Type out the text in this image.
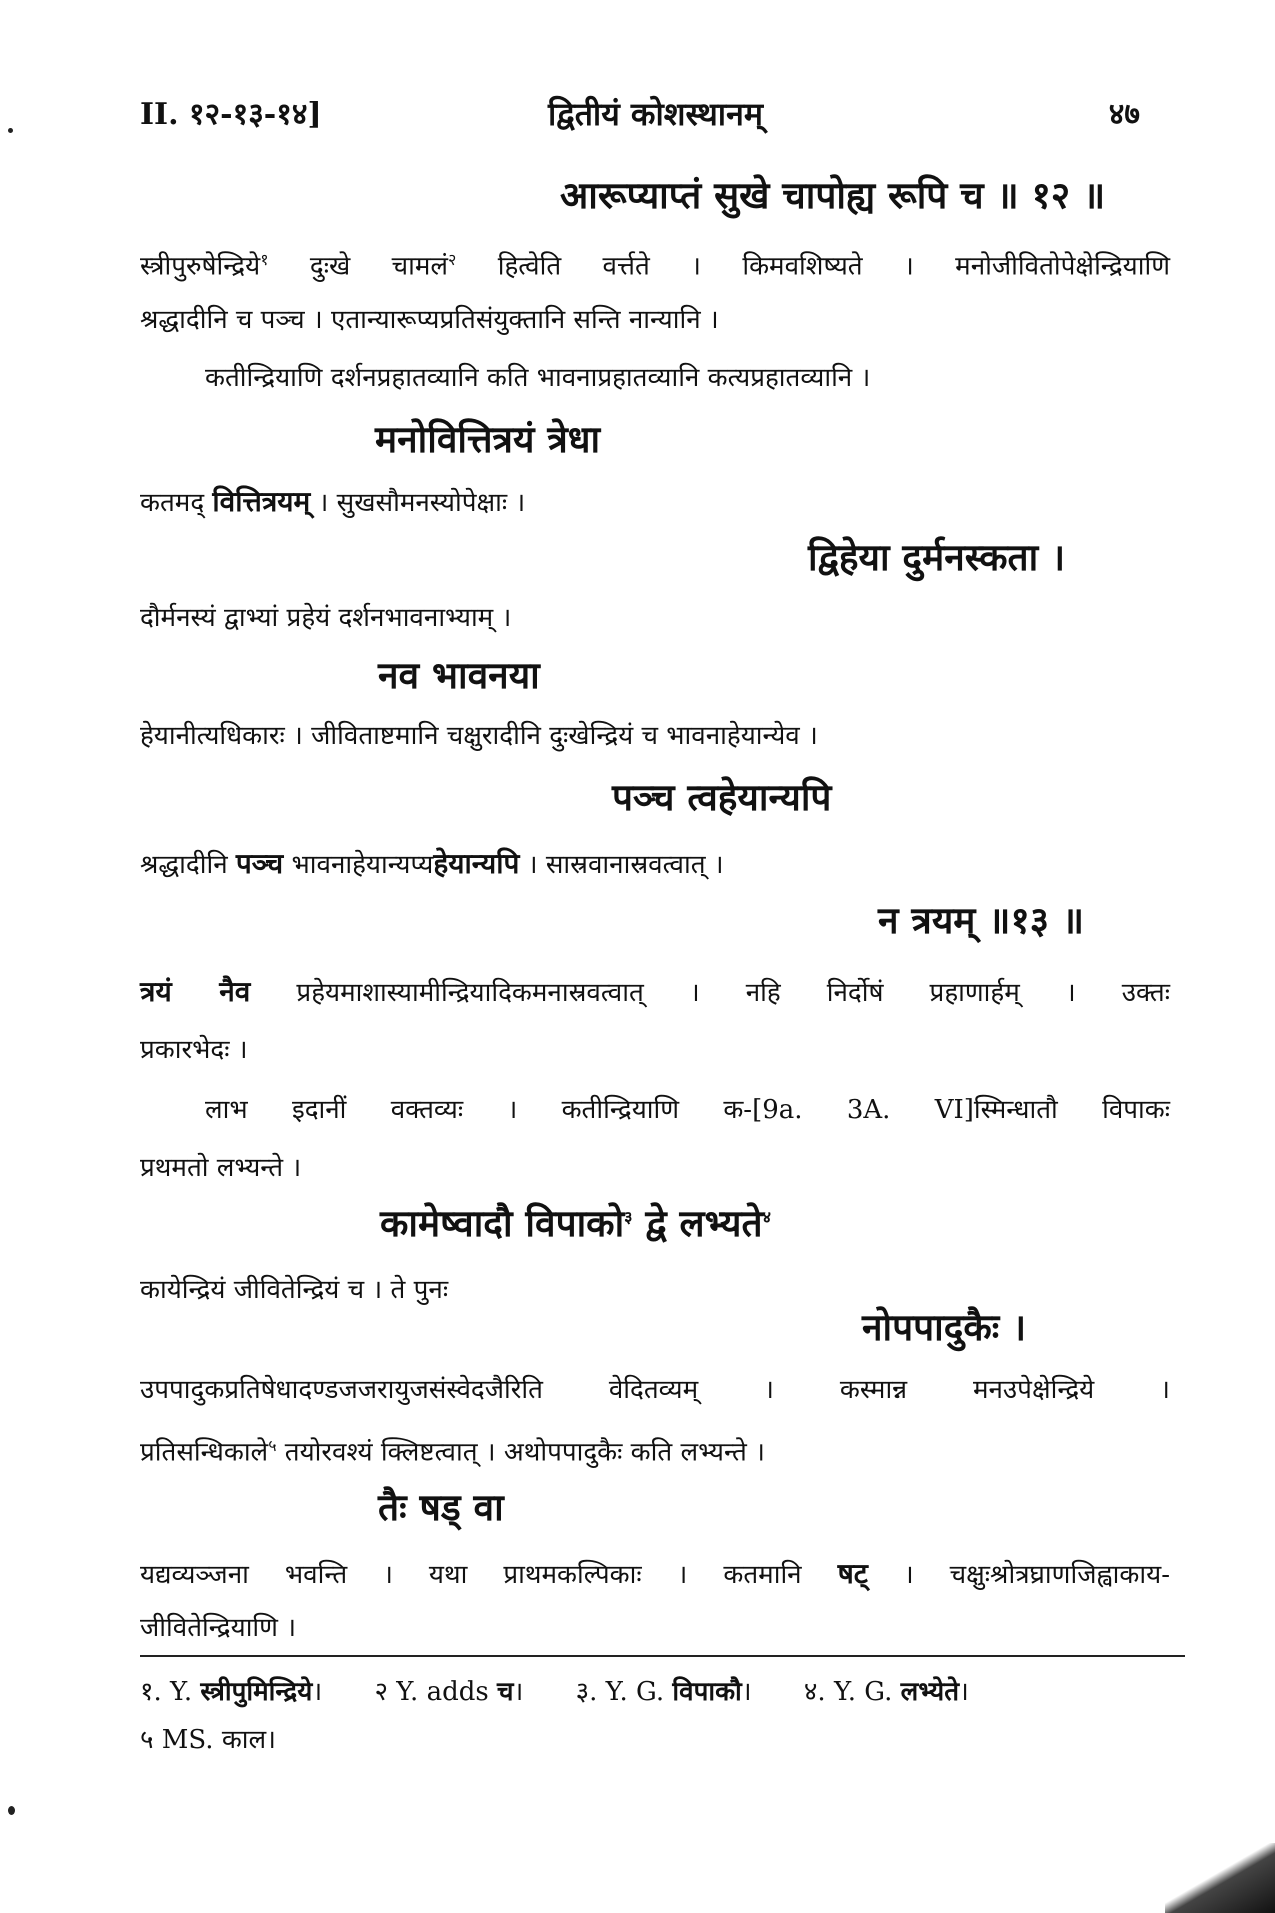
II. १२-१३-१४]	द्वितीयं कोशस्थानम्	४७
आरूप्याप्तं सुखे चापोह्य रूपि च ॥ १२ ॥
स्त्रीपुरुषेन्द्रिये$^१$ दुःखे चामलं$^२$ हित्वेति वर्त्तते । किमवशिष्यते । मनोजीवितोपेक्षेन्द्रियाणि
श्रद्धादीनि च पञ्च । एतान्यारूप्यप्रतिसंयुक्तानि सन्ति नान्यानि ।
कतीन्द्रियाणि दर्शनप्रहातव्यानि कति भावनाप्रहातव्यानि कत्यप्रहातव्यानि ।
मनोवित्तित्रयं त्रेधा
कतमद् वित्तित्रयम् । सुखसौमनस्योपेक्षाः ।
द्विहेया दुर्मनस्कता ।
दौर्मनस्यं द्वाभ्यां प्रहेयं दर्शनभावनाभ्याम् ।
नव भावनया
हेयानीत्यधिकारः । जीविताष्टमानि चक्षुरादीनि दुःखेन्द्रियं च भावनाहेयान्येव ।
पञ्च त्वहेयान्यपि
श्रद्धादीनि पञ्च भावनाहेयान्यप्यहेयान्यपि । सास्रवानास्रवत्वात् ।
न त्रयम् ॥१३ ॥
त्रयं नैव प्रहेयमाशास्यामीन्द्रियादिकमनास्रवत्वात् । नहि निर्दोषं प्रहाणार्हम् । उक्तः
प्रकारभेदः ।
लाभ इदानीं वक्तव्यः । कतीन्द्रियाणि क-[9a. 3A. VI]स्मिन्धातौ विपाकः
प्रथमतो लभ्यन्ते ।
कामेष्वादौ विपाको$^३$ द्वे लभ्यते$^४$
कायेन्द्रियं जीवितेन्द्रियं च । ते पुनः
नोपपादुकैः ।
उपपादुकप्रतिषेधादण्डजजरायुजसंस्वेदजैरिति वेदितव्यम् । कस्मान्न मनउपेक्षेन्द्रिये ।
प्रतिसन्धिकाले$^५$ तयोरवश्यं क्लिष्टत्वात् । अथोपपादुकैः कति लभ्यन्ते ।
तैः षड् वा
यद्यव्यञ्जना भवन्ति । यथा प्राथमकल्पिकाः । कतमानि षट् । चक्षुःश्रोत्रघ्राणजिह्वाकाय-
जीवितेन्द्रियाणि ।
१. Y. स्त्रीपुमिन्द्रिये। २ Y. adds च। ३. Y. G. विपाकौ। ४. Y. G. लभ्येते।
५ MS. काल।
